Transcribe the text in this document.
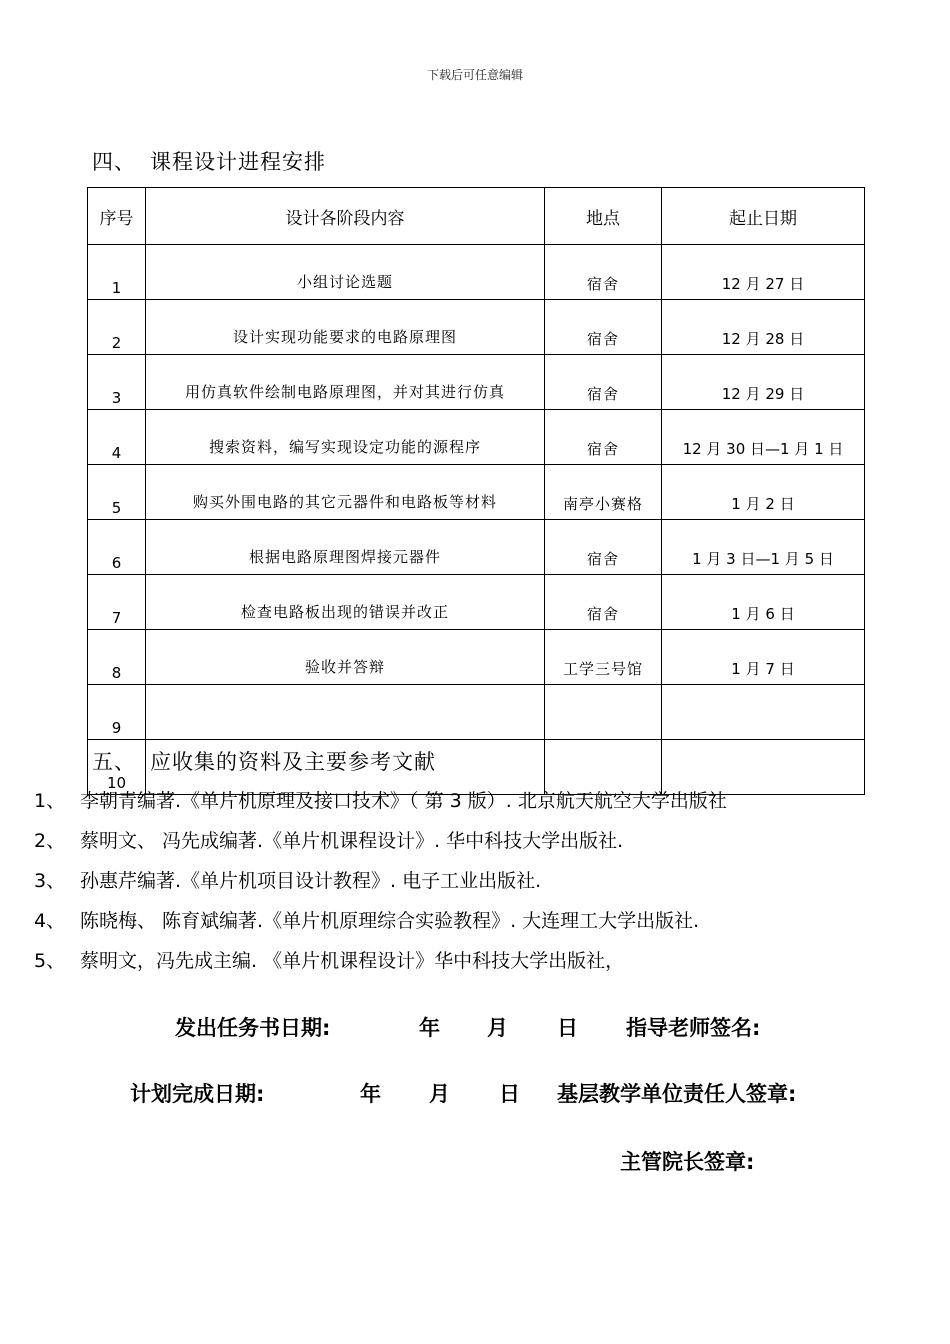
下载后可任意编辑
四、 课程设计进程安排
序号	设计各阶段内容	地点	起止日期
1	小组讨论选题	宿舍	12 月 27 日
2	设计实现功能要求的电路原理图	宿舍	12 月 28 日
3	用仿真软件绘制电路原理图，并对其进行仿真	宿舍	12 月 29 日
4	搜索资料，编写实现设定功能的源程序	宿舍	12 月 30 日—1 月 1 日
5	购买外围电路的其它元器件和电路板等材料	南亭小赛格	1 月 2 日
6	根据电路原理图焊接元器件	宿舍	1 月 3 日—1 月 5 日
7	检查电路板出现的错误并改正	宿舍	1 月 6 日
8	验收并答辩	工学三号馆	1 月 7 日
9			
10			
五、 应收集的资料及主要参考文献
1、 李朝青编著.《单片机原理及接口技术》（ 第 3 版）. 北京航天航空大学出版社
2、 蔡明文、 冯先成编著.《单片机课程设计》. 华中科技大学出版社.
3、 孙惠芹编著.《单片机项目设计教程》. 电子工业出版社.
4、 陈晓梅、 陈育斌编著.《单片机原理综合实验教程》. 大连理工大学出版社.
5、 蔡明文，冯先成主编. 《单片机课程设计》华中科技大学出版社，
发出任务书日期:	年 月 日 指导老师签名:
计划完成日期:	年 月 日 基层教学单位责任人签章:
主管院长签章:
